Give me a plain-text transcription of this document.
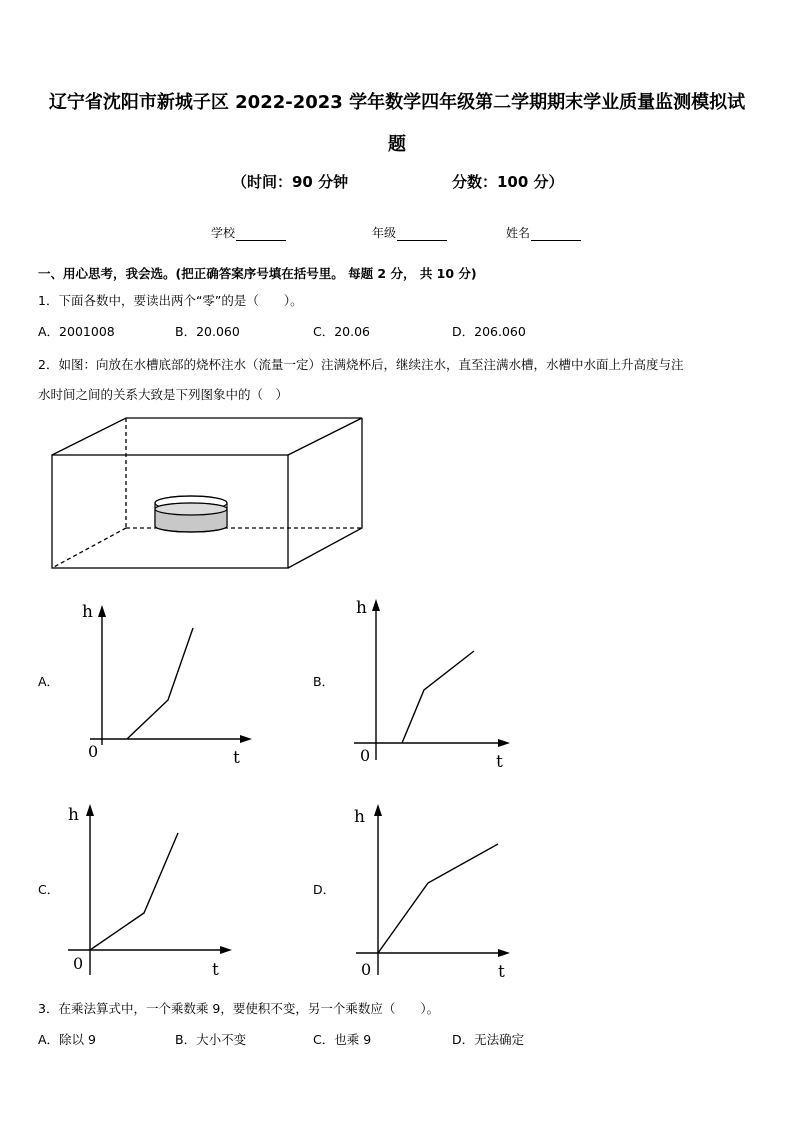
辽宁省沈阳市新城子区 2022-2023 学年数学四年级第二学期期末学业质量监测模拟试
题
（时间：90 分钟	分数：100 分）
学校	年级	姓名
一、用心思考，我会选。(把正确答案序号填在括号里。 每题 2 分， 共 10 分)
1．下面各数中，要读出两个“零”的是（　　）。
A．2001008	B．20.060	C．20.06	D．206.060
2．如图：向放在水槽底部的烧杯注水（流量一定）注满烧杯后，继续注水，直至注满水槽，水槽中水面上升高度与注
水时间之间的关系大致是下列图象中的（　）
A．	B．
C．	D．
h
t
0
h
t
0
h
t
0
h
t
0
3．在乘法算式中，一个乘数乘 9，要使积不变，另一个乘数应（　　）。
A．除以 9	B．大小不变	C．也乘 9	D．无法确定
